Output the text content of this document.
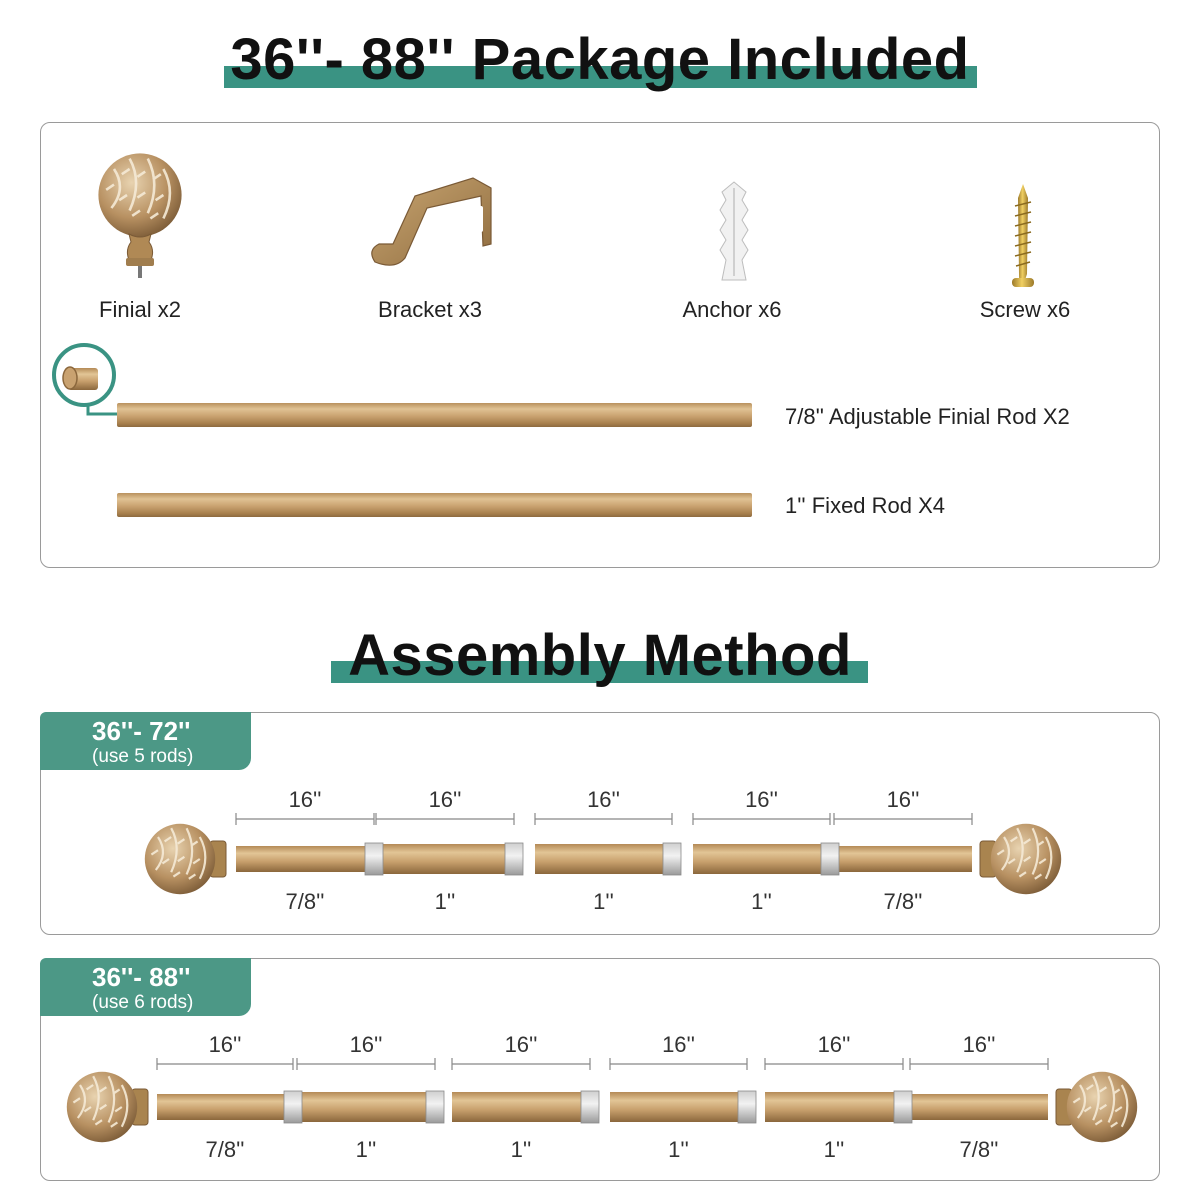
36''- 88'' Package Included
Finial x2	Bracket x3	Anchor x6	Screw x6
7/8'' Adjustable Finial Rod X2
1'' Fixed Rod X4
Assembly Method
36''- 72''
(use 5 rods)
16''	16''	16''	16''	16''
7/8''	1''	1''	1''	7/8''
36''- 88''
(use 6 rods)
16''	16''	16''	16''	16''	16''
7/8''	1''	1''	1''	1''	7/8''
